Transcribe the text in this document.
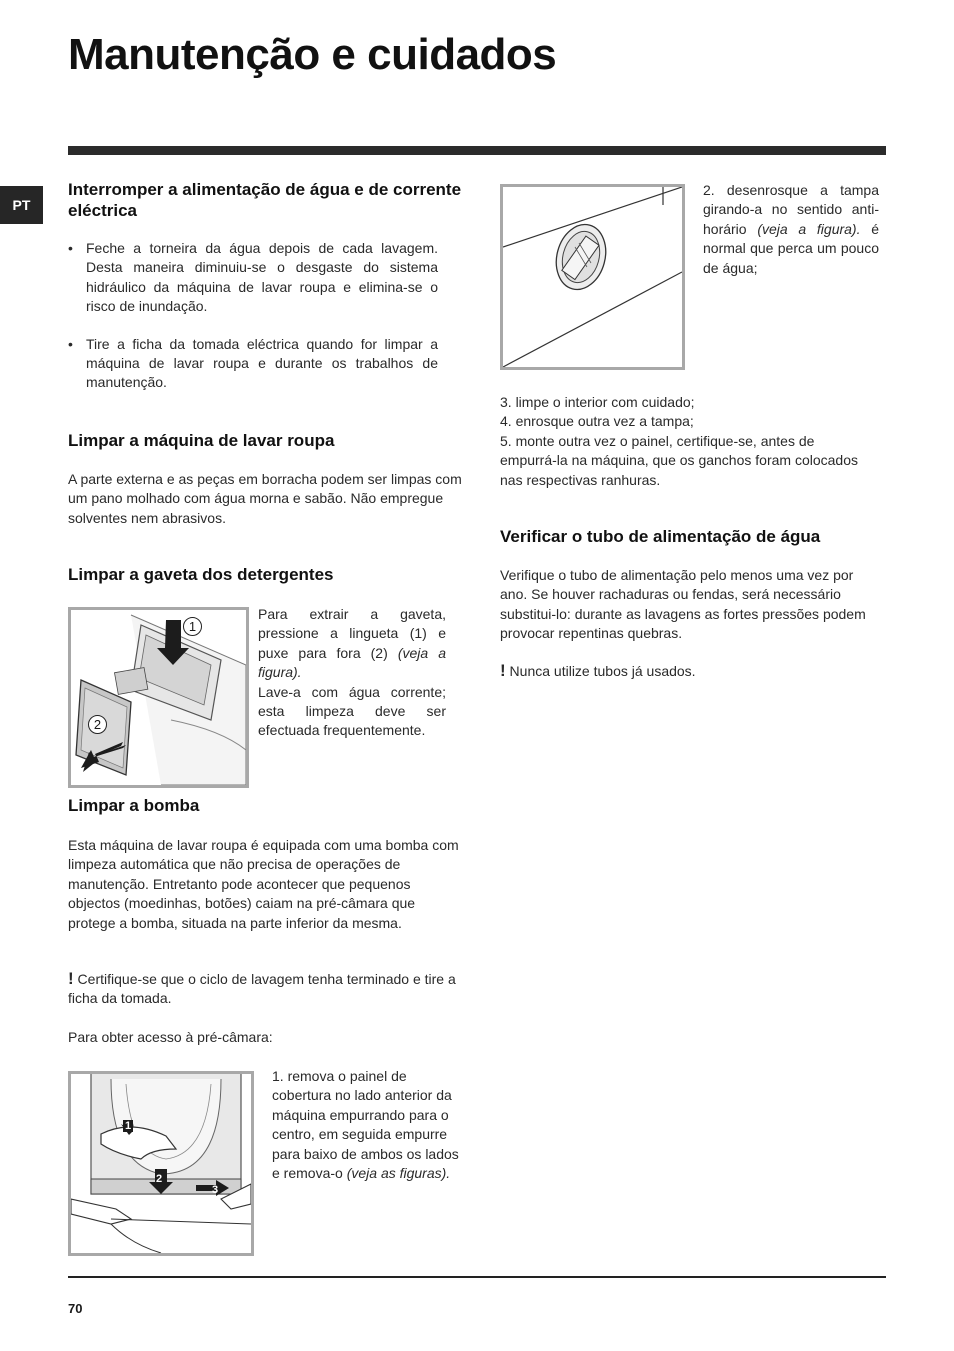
Manutenção e cuidados
PT
Interromper a alimentação de água e de corrente eléctrica
• Feche a torneira da água depois de cada lavagem. Desta maneira diminuiu-se o desgaste do sistema hidráulico da máquina de lavar roupa e elimina-se o risco de inundação.
• Tire a ficha da tomada eléctrica quando for limpar a máquina de lavar roupa e durante os trabalhos de manutenção.
Limpar a máquina de lavar roupa

A parte externa e as peças em borracha podem ser limpas com um pano molhado com água morna e sabão. Não empregue solventes nem abrasivos.

Limpar a gaveta dos detergentes
1
2

Para extrair a gaveta, pressione a lingueta (1) e puxe para fora (2) (veja a figura).
Lave-a com água corrente; esta limpeza deve ser efectuada frequentemente.

Limpar a bomba

Esta máquina de lavar roupa é equipada com uma bomba com limpeza automática que não precisa de operações de manutenção. Entretanto pode acontecer que pequenos objectos (moedinhas, botões) caiam na pré-câmara que protege a bomba, situada na parte inferior da mesma.

! Certifique-se que o ciclo de lavagem tenha terminado e tire a ficha da tomada.

Para obter acesso à pré-câmara:

1
2
3

1. remova o painel de cobertura no lado anterior da máquina empurrando para o centro, em seguida empurre para baixo de ambos os lados e remova-o (veja as figuras).

2. desenrosque a tampa girando-a no sentido anti-horário (veja a figura). é normal que perca um pouco de água;

3. limpe o interior com cuidado;

4. enrosque outra vez a tampa;

5. monte outra vez o painel, certifique-se, antes de empurrá-la na máquina, que os ganchos foram colocados nas respectivas ranhuras.

Verificar o tubo de alimentação de água

Verifique o tubo de alimentação pelo menos uma vez por ano. Se houver rachaduras ou fendas, será necessário substitui-lo: durante as lavagens as fortes pressões podem provocar repentinas quebras.

! Nunca utilize tubos já usados.

70
